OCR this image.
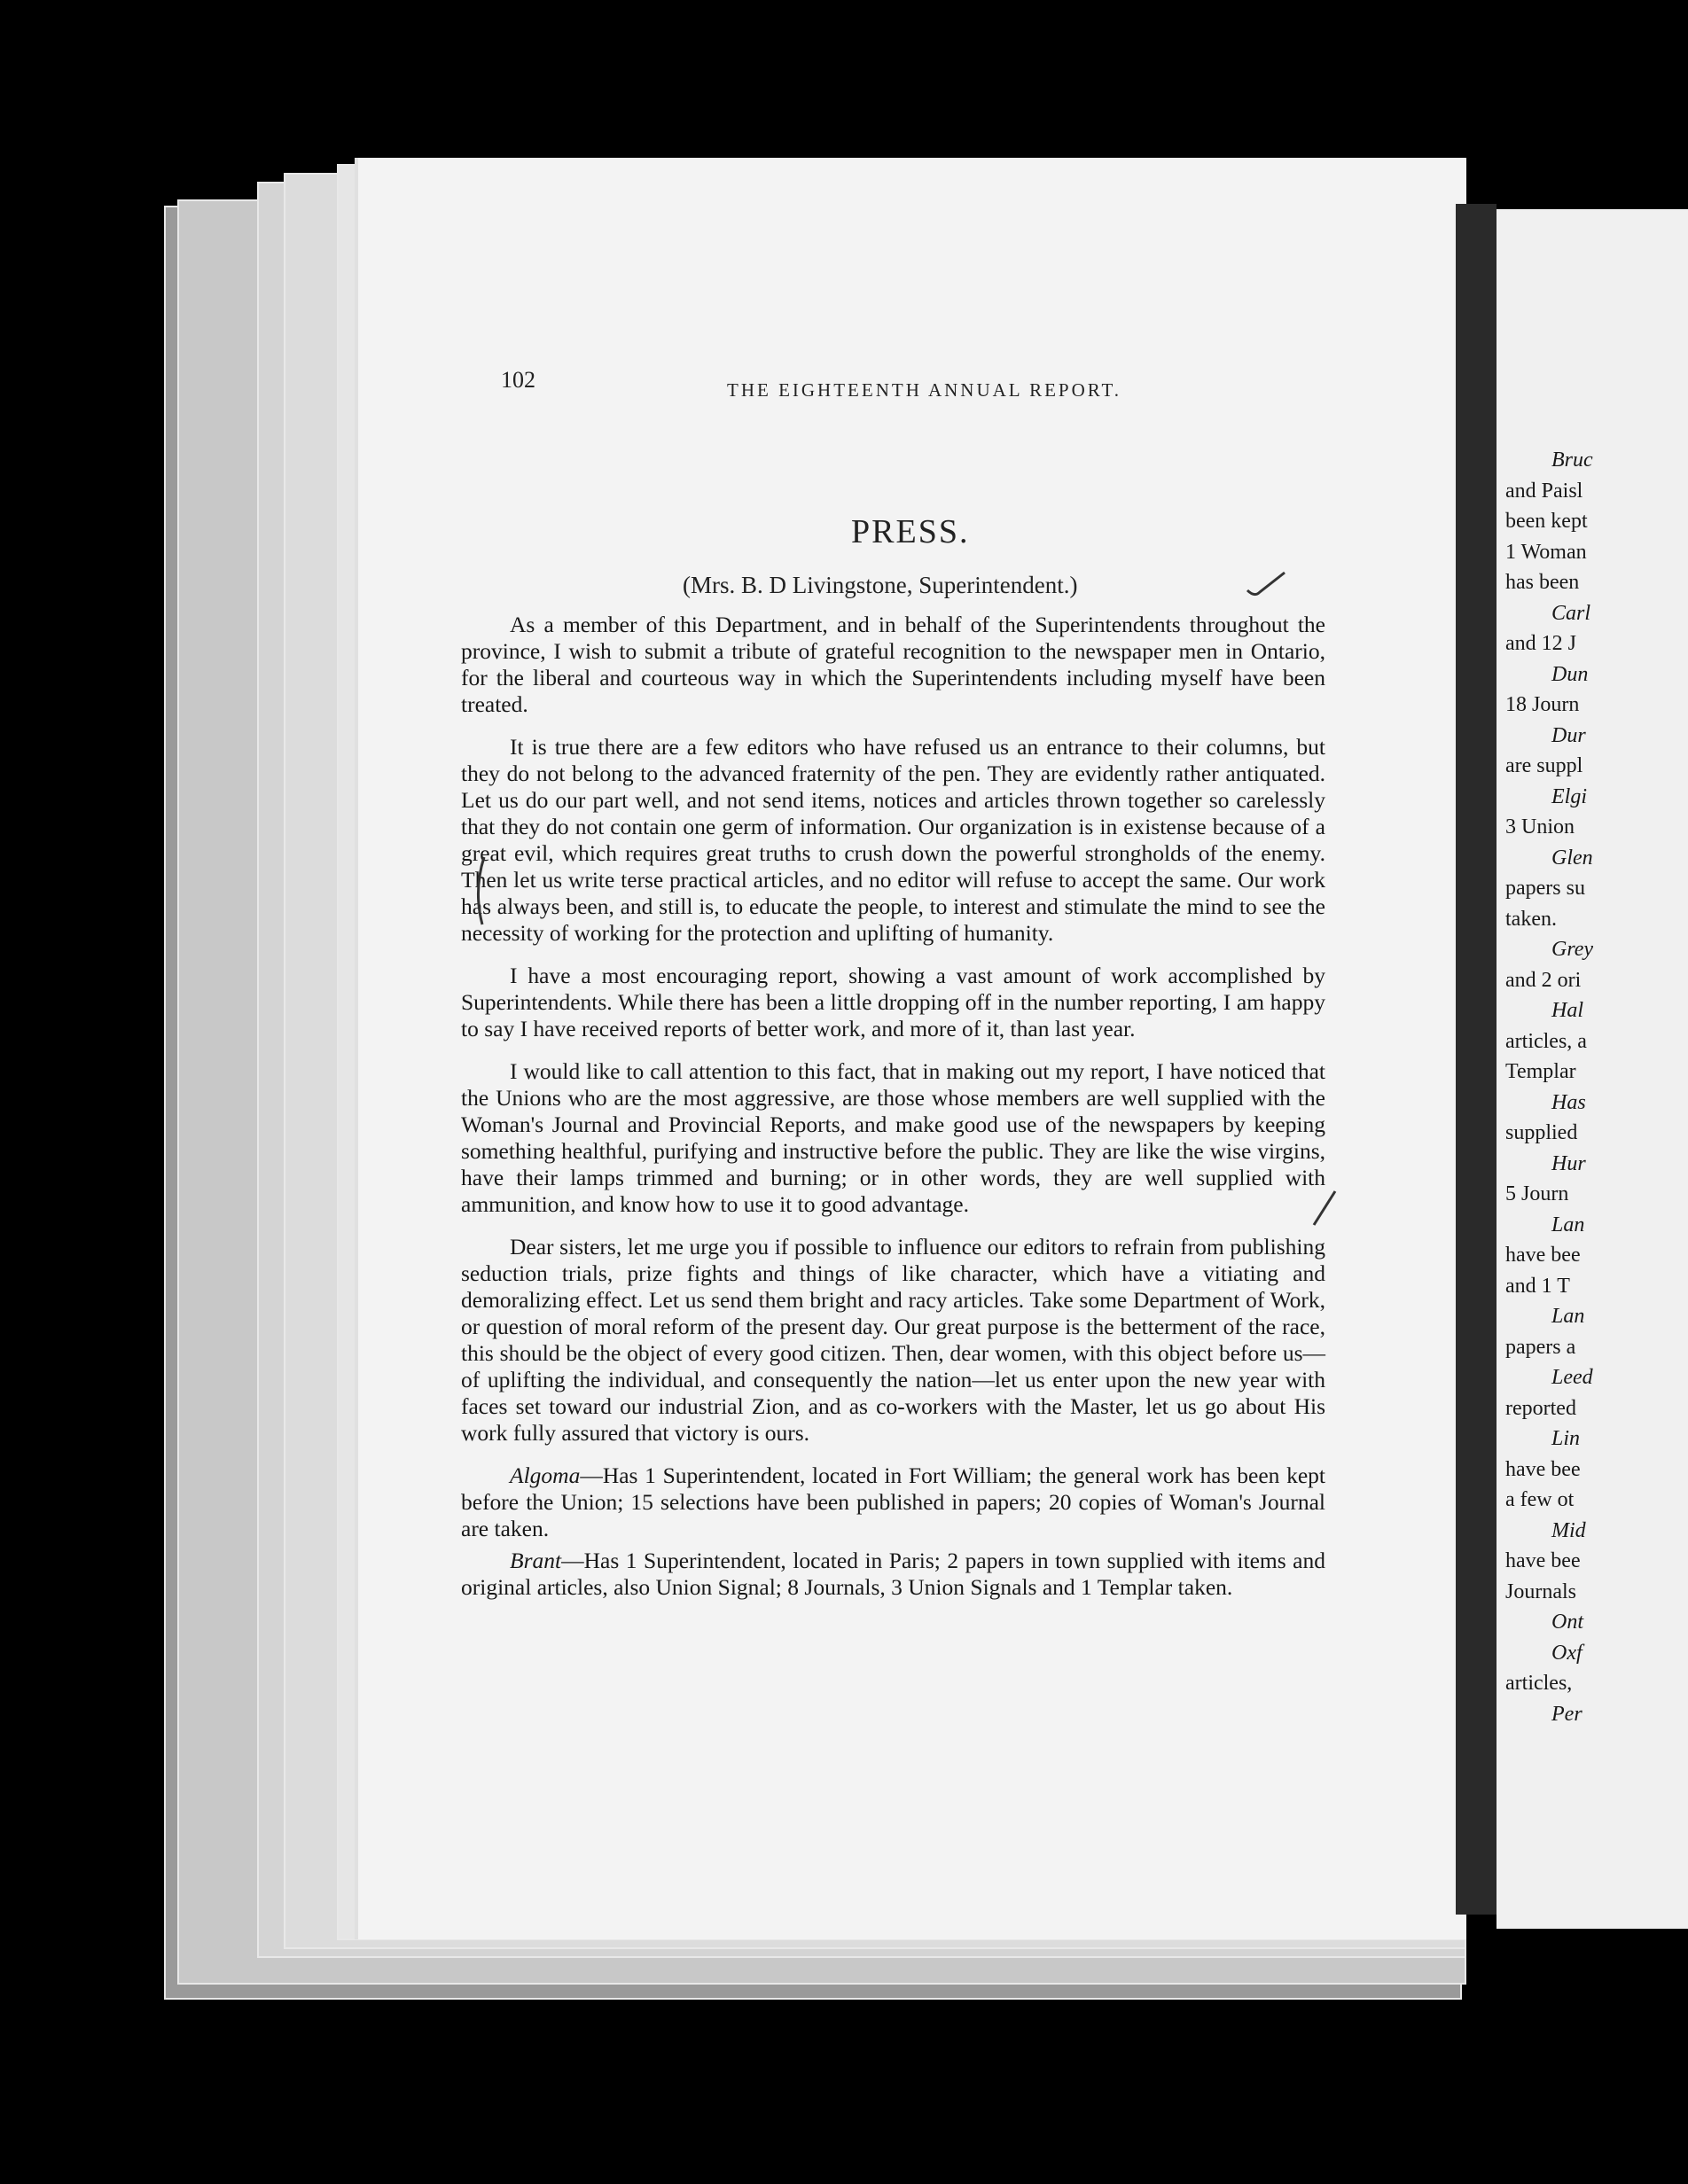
Bruc
and Paisl
been kept
1 Woman
has been
Carl
and 12 J
Dun
18 Journ
Dur
are suppl
Elgi
3 Union
Glen
papers su
taken.
Grey
and 2 ori
Hal
articles, a
Templar
Has
supplied
Hur
5 Journ
Lan
have bee
and 1 T
Lan
papers a
Leed
reported
Lin
have bee
a few ot
Mid
have bee
Journals
Ont
Oxf
articles,
Per
102	THE EIGHTEENTH ANNUAL REPORT.
PRESS.
(Mrs. B. D Livingstone, Superintendent.)

As a member of this Department, and in behalf of the Superintendents throughout the province, I wish to submit a tribute of grateful recognition to the newspaper men in Ontario, for the liberal and courteous way in which the Superintendents including myself have been treated.

It is true there are a few editors who have refused us an entrance to their columns, but they do not belong to the advanced fraternity of the pen. They are evidently rather antiquated. Let us do our part well, and not send items, notices and articles thrown together so carelessly that they do not contain one germ of information. Our organization is in existense because of a great evil, which requires great truths to crush down the powerful strongholds of the enemy. Then let us write terse practical articles, and no editor will refuse to accept the same. Our work has always been, and still is, to educate the people, to interest and stimulate the mind to see the necessity of working for the protection and uplifting of humanity.

I have a most encouraging report, showing a vast amount of work accomplished by Superintendents. While there has been a little dropping off in the number reporting, I am happy to say I have received reports of better work, and more of it, than last year.

I would like to call attention to this fact, that in making out my report, I have noticed that the Unions who are the most aggressive, are those whose members are well supplied with the Woman's Journal and Provincial Reports, and make good use of the newspapers by keeping something healthful, purifying and instructive before the public. They are like the wise virgins, have their lamps trimmed and burning; or in other words, they are well supplied with ammunition, and know how to use it to good advantage.

Dear sisters, let me urge you if possible to influence our editors to refrain from publishing seduction trials, prize fights and things of like character, which have a vitiating and demoralizing effect. Let us send them bright and racy articles. Take some Department of Work, or question of moral reform of the present day. Our great purpose is the betterment of the race, this should be the object of every good citizen. Then, dear women, with this object before us—of uplifting the individual, and consequently the nation—let us enter upon the new year with faces set toward our industrial Zion, and as co-workers with the Master, let us go about His work fully assured that victory is ours.

Algoma—Has 1 Superintendent, located in Fort William; the general work has been kept before the Union; 15 selections have been published in papers; 20 copies of Woman's Journal are taken.

Brant—Has 1 Superintendent, located in Paris; 2 papers in town supplied with items and original articles, also Union Signal; 8 Journals, 3 Union Signals and 1 Templar taken.
